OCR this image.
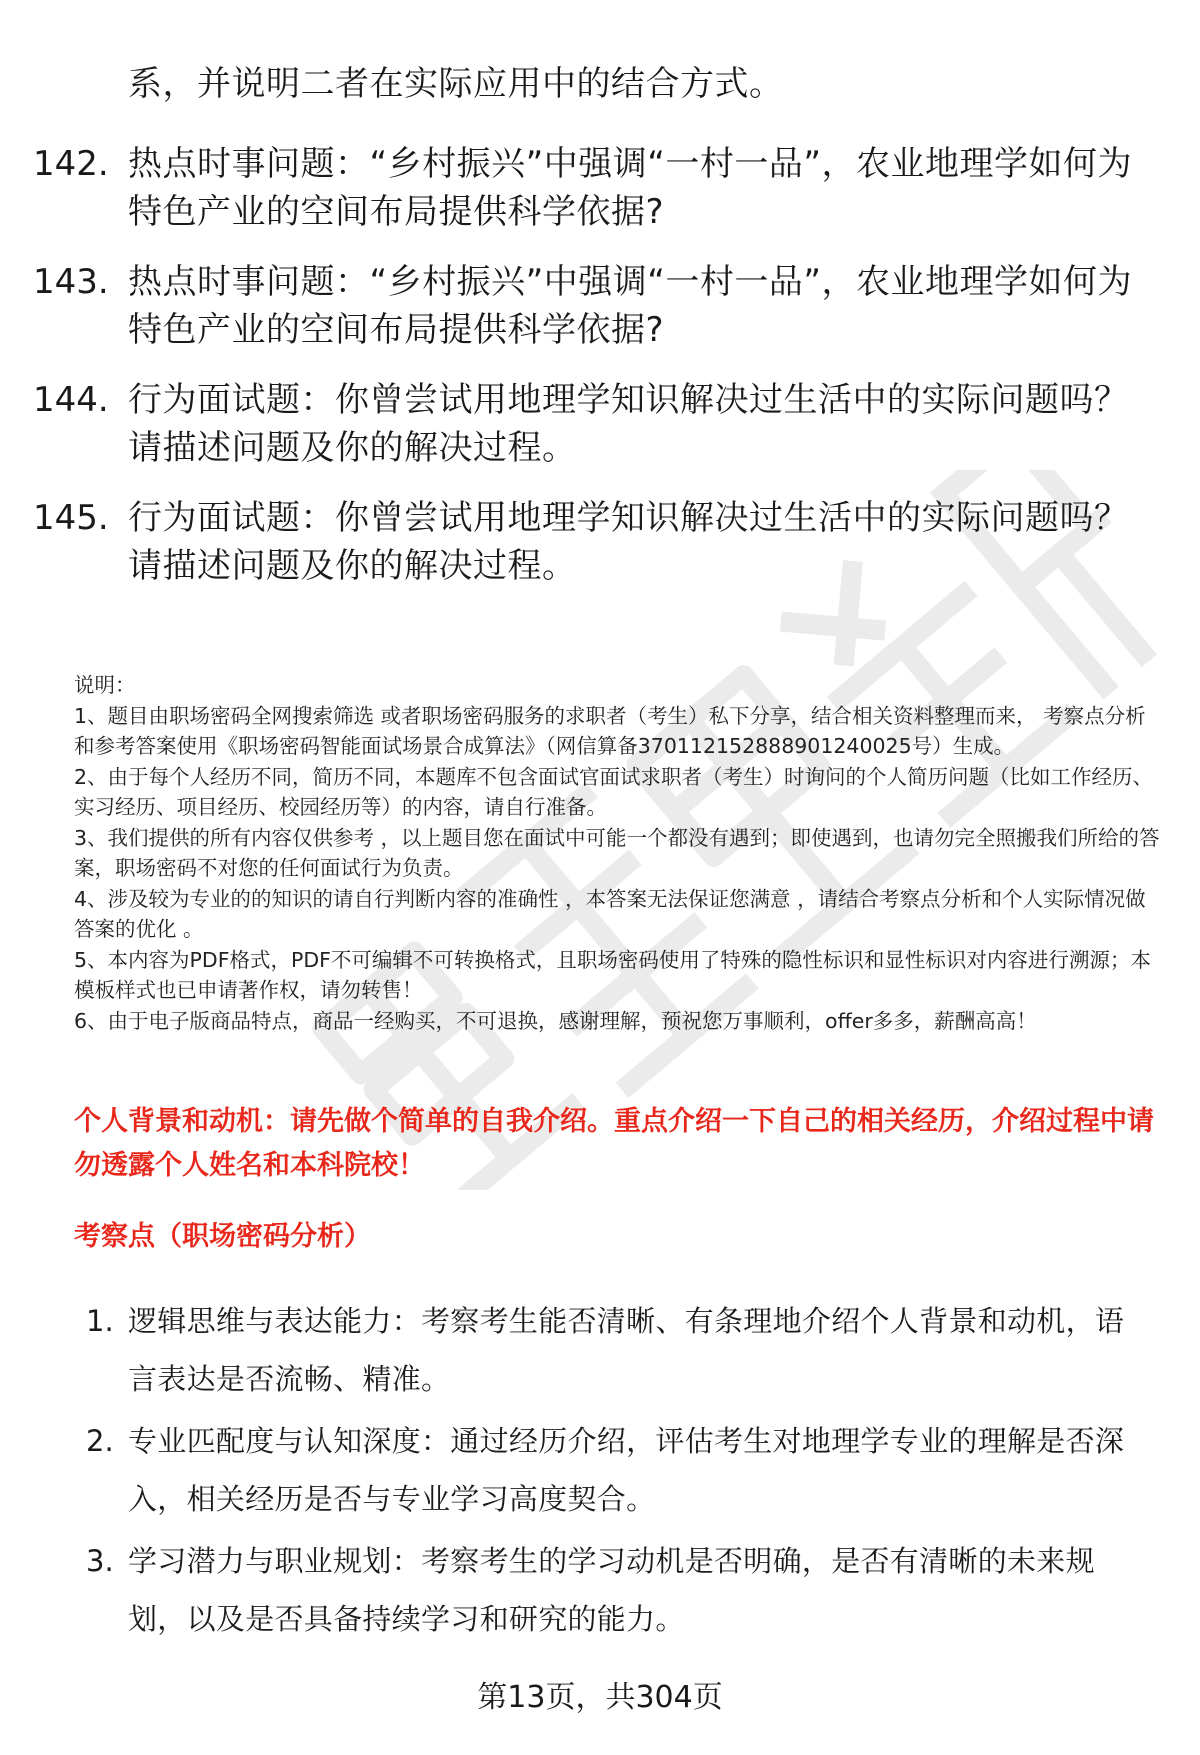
系，并说明二者在实际应用中的结合方式。
142. 热点时事问题：“乡村振兴”中强调“一村一品”，农业地理学如何为特色产业的空间布局提供科学依据?
143. 热点时事问题：“乡村振兴”中强调“一村一品”，农业地理学如何为特色产业的空间布局提供科学依据?
144. 行为面试题：你曾尝试用地理学知识解决过生活中的实际问题吗？请描述问题及你的解决过程。
145. 行为面试题：你曾尝试用地理学知识解决过生活中的实际问题吗？请描述问题及你的解决过程。

说明：

1、题目由职场密码全网搜索筛选 或者职场密码服务的求职者（考生）私下分享，结合相关资料整理而来， 考察点分析和参考答案使用《职场密码智能面试场景合成算法》（网信算备370112152888901240025号）生成。

2、由于每个人经历不同，简历不同，本题库不包含面试官面试求职者（考生）时询问的个人简历问题（比如工作经历、实习经历、项目经历、校园经历等）的内容，请自行准备。

3、我们提供的所有内容仅供参考 ，以上题目您在面试中可能一个都没有遇到；即使遇到，也请勿完全照搬我们所给的答案，职场密码不对您的任何面试行为负责。

4、涉及较为专业的的知识的请自行判断内容的准确性 ，本答案无法保证您满意 ，请结合考察点分析和个人实际情况做答案的优化 。

5、本内容为PDF格式，PDF不可编辑不可转换格式，且职场密码使用了特殊的隐性标识和显性标识对内容进行溯源；本模板样式也已申请著作权，请勿转售！

6、由于电子版商品特点，商品一经购买，不可退换，感谢理解，预祝您万事顺利，offer多多，薪酬高高！

个人背景和动机：请先做个简单的自我介绍。重点介绍一下自己的相关经历，介绍过程中请勿透露个人姓名和本科院校！
考察点（职场密码分析）
1. 逻辑思维与表达能力：考察考生能否清晰、有条理地介绍个人背景和动机，语言表达是否流畅、精准。
2. 专业匹配度与认知深度：通过经历介绍，评估考生对地理学专业的理解是否深入，相关经历是否与专业学习高度契合。
3. 学习潜力与职业规划：考察考生的学习动机是否明确，是否有清晰的未来规划，以及是否具备持续学习和研究的能力。
第13页，共304页
